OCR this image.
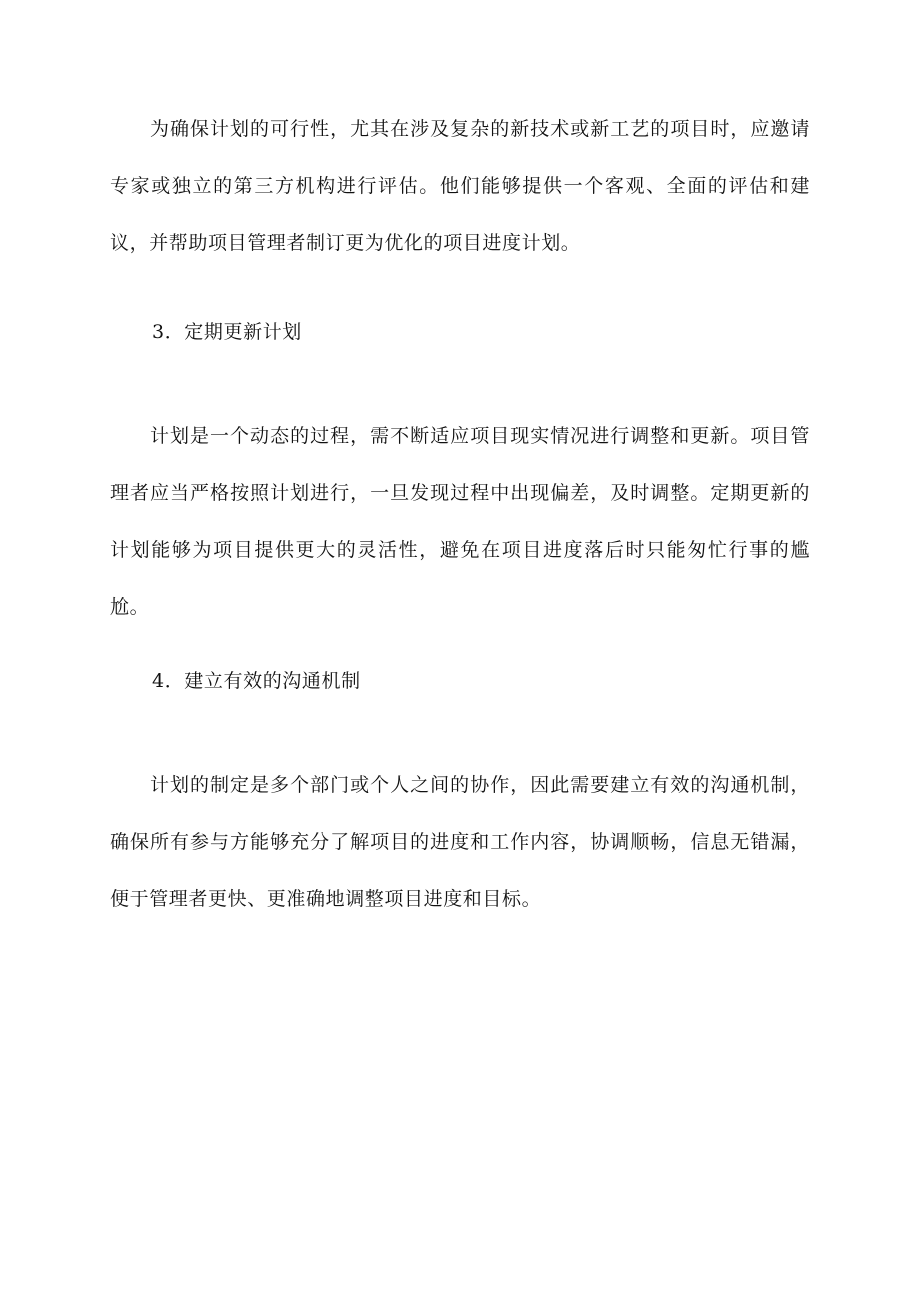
为确保计划的可行性，尤其在涉及复杂的新技术或新工艺的项目时，应邀请专家或独立的第三方机构进行评估。他们能够提供一个客观、全面的评估和建议，并帮助项目管理者制订更为优化的项目进度计划。

3．定期更新计划

计划是一个动态的过程，需不断适应项目现实情况进行调整和更新。项目管理者应当严格按照计划进行，一旦发现过程中出现偏差，及时调整。定期更新的计划能够为项目提供更大的灵活性，避免在项目进度落后时只能匆忙行事的尴尬。

4．建立有效的沟通机制

计划的制定是多个部门或个人之间的协作，因此需要建立有效的沟通机制，确保所有参与方能够充分了解项目的进度和工作内容，协调顺畅，信息无错漏，便于管理者更快、更准确地调整项目进度和目标。
